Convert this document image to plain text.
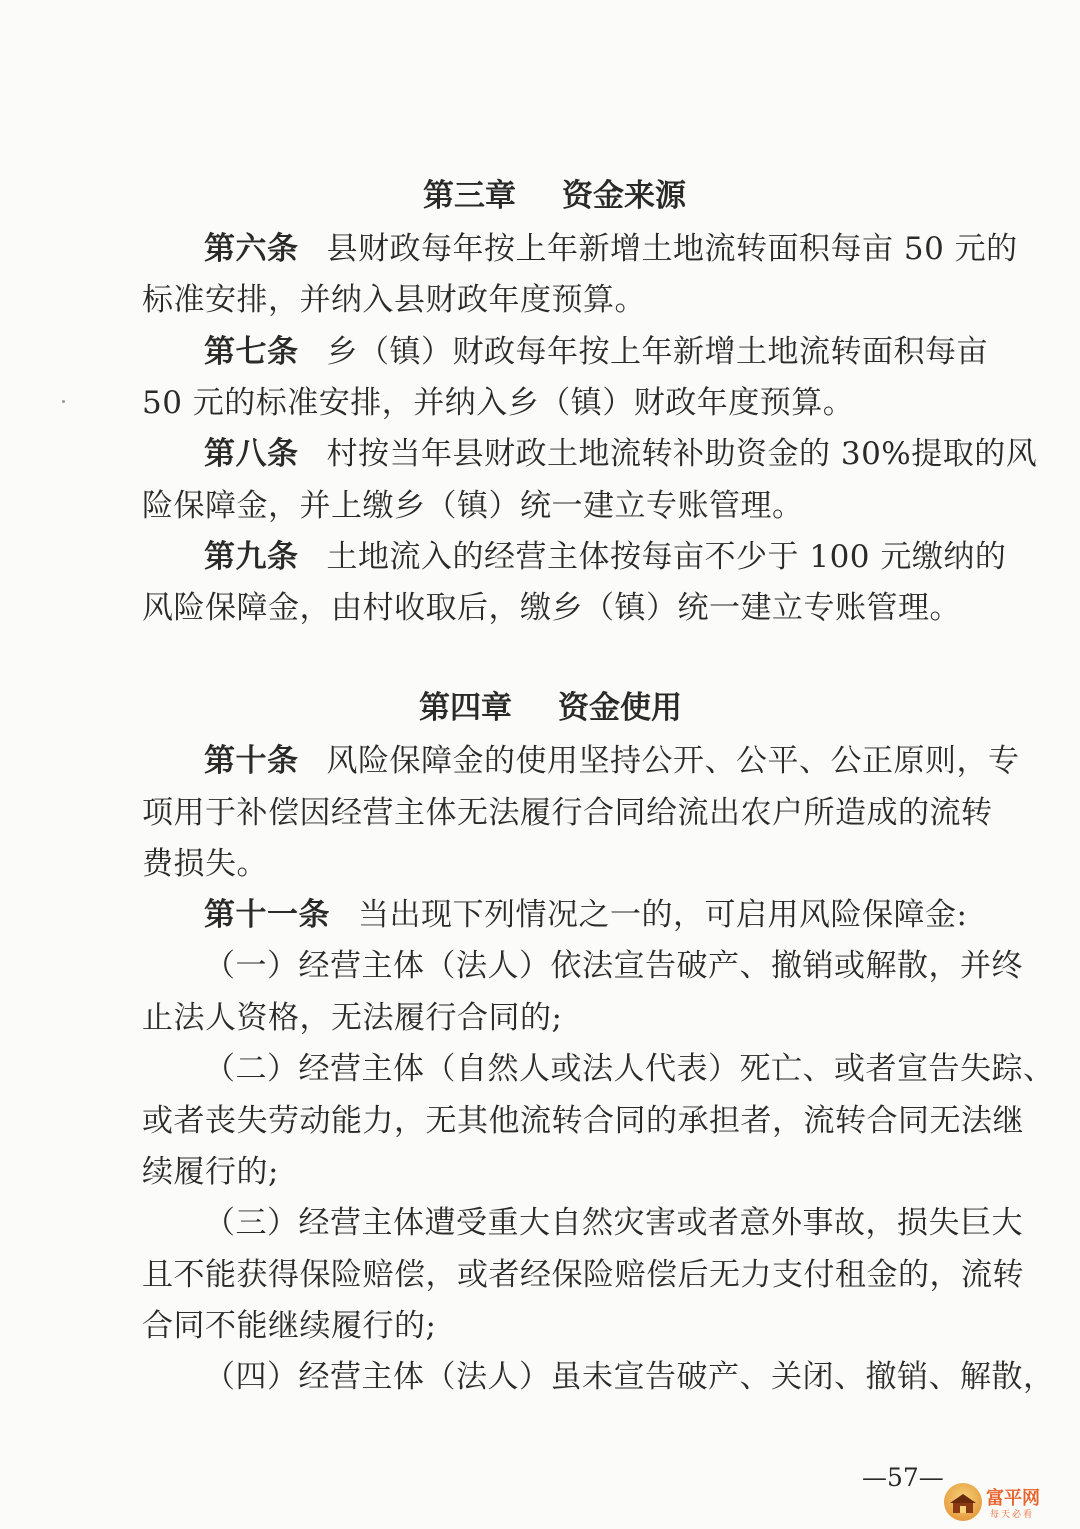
第三章 资金来源
第六条 县财政每年按上年新增土地流转面积每亩 50 元的
标准安排，并纳入县财政年度预算。
第七条 乡（镇）财政每年按上年新增土地流转面积每亩
50 元的标准安排，并纳入乡（镇）财政年度预算。
第八条 村按当年县财政土地流转补助资金的 30%提取的风
险保障金，并上缴乡（镇）统一建立专账管理。
第九条 土地流入的经营主体按每亩不少于 100 元缴纳的
风险保障金，由村收取后，缴乡（镇）统一建立专账管理。
第四章 资金使用
第十条 风险保障金的使用坚持公开、公平、公正原则，专
项用于补偿因经营主体无法履行合同给流出农户所造成的流转
费损失。
第十一条 当出现下列情况之一的，可启用风险保障金:
（一）经营主体（法人）依法宣告破产、撤销或解散，并终
止法人资格，无法履行合同的;
（二）经营主体（自然人或法人代表）死亡、或者宣告失踪、
或者丧失劳动能力，无其他流转合同的承担者，流转合同无法继
续履行的;
（三）经营主体遭受重大自然灾害或者意外事故，损失巨大
且不能获得保险赔偿，或者经保险赔偿后无力支付租金的，流转
合同不能继续履行的;
（四）经营主体（法人）虽未宣告破产、关闭、撤销、解散，
—57—
富平网
每天必看
